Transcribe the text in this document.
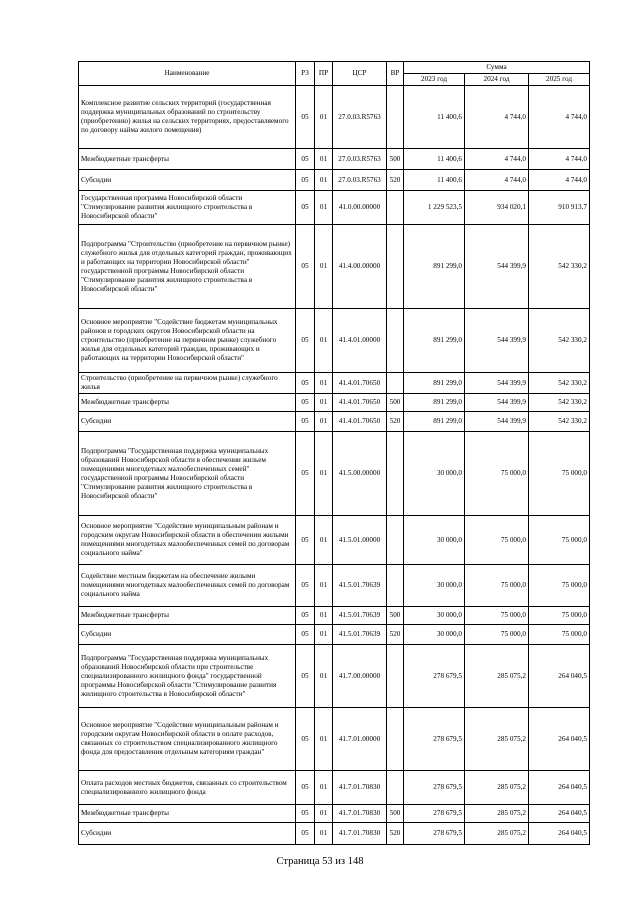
Наименование	РЗ	ПР	ЦСР	ВР	Сумма		
					2023 год	2024 год	2025 год
Комплексное развитие сельских территорий (государственная поддержка муниципальных образований по строительству (приобретению) жилья на сельских территориях, предоставляемого по договору найма жилого помещения)	05	01	27.0.03.R5763		11 400,6	4 744,0	4 744,0
Межбюджетные трансферты	05	01	27.0.03.R5763	500	11 400,6	4 744,0	4 744,0
Субсидии	05	01	27.0.03.R5763	520	11 400,6	4 744,0	4 744,0
Государственная программа Новосибирской области "Стимулирование развития жилищного строительства в Новосибирской области"	05	01	41.0.00.00000		1 229 523,5	934 020,1	910 913,7
Подпрограмма "Строительство (приобретение на первичном рынке) служебного жилья для отдельных категорий граждан, проживающих и работающих на территории Новосибирской области" государственной программы Новосибирской области "Стимулирование развития жилищного строительства в Новосибирской области"	05	01	41.4.00.00000		891 299,0	544 399,9	542 330,2
Основное мероприятие "Содействие бюджетам муниципальных районов и городских округов Новосибирской области на строительство (приобретение на первичном рынке) служебного жилья для отдельных категорий граждан, проживающих и работающих на территории Новосибирской области"	05	01	41.4.01.00000		891 299,0	544 399,9	542 330,2
Строительство (приобретение на первичном рынке) служебного жилья	05	01	41.4.01.70650		891 299,0	544 399,9	542 330,2
Межбюджетные трансферты	05	01	41.4.01.70650	500	891 299,0	544 399,9	542 330,2
Субсидии	05	01	41.4.01.70650	520	891 299,0	544 399,9	542 330,2
Подпрограмма "Государственная поддержка муниципальных образований Новосибирской области в обеспечении жильем помещениями многодетных малообеспеченных семей" государственной программы Новосибирской области "Стимулирование развития жилищного строительства в Новосибирской области"	05	01	41.5.00.00000		30 000,0	75 000,0	75 000,0
Основное мероприятие "Содействие муниципальным районам и городским округам Новосибирской области в обеспечении жилыми помещениями многодетных малообеспеченных семей по договорам социального найма"	05	01	41.5.01.00000		30 000,0	75 000,0	75 000,0
Содействие местным бюджетам на обеспечение жилыми помещениями многодетных малообеспеченных семей по договорам социального найма	05	01	41.5.01.70639		30 000,0	75 000,0	75 000,0
Межбюджетные трансферты	05	01	41.5.01.70639	500	30 000,0	75 000,0	75 000,0
Субсидии	05	01	41.5.01.70639	520	30 000,0	75 000,0	75 000,0
Подпрограмма "Государственная поддержка муниципальных образований Новосибирской области при строительстве специализированного жилищного фонда" государственной программы Новосибирской области "Стимулирование развития жилищного строительства в Новосибирской области"	05	01	41.7.00.00000		278 679,5	285 075,2	264 040,5
Основное мероприятие "Содействие муниципальным районам и городским округам Новосибирской области в оплате расходов, связанных со строительством специализированного жилищного фонда для предоставления отдельным категориям граждан"	05	01	41.7.01.00000		278 679,5	285 075,2	264 040,5
Оплата расходов местных бюджетов, связанных со строительством специализированного жилищного фонда	05	01	41.7.01.70830		278 679,5	285 075,2	264 040,5
Межбюджетные трансферты	05	01	41.7.01.70830	500	278 679,5	285 075,2	264 040,5
Субсидии	05	01	41.7.01.70830	520	278 679,5	285 075,2	264 040,5
Страница 53 из 148
